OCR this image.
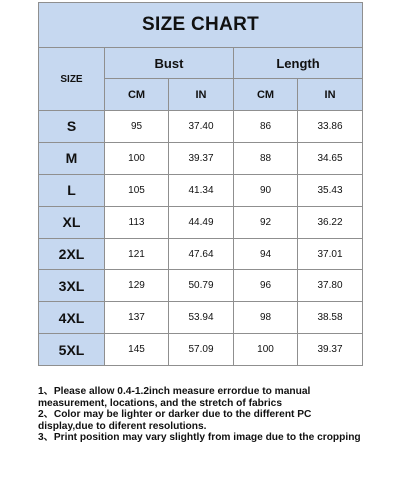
SIZE CHART				
SIZE	Bust		Length	
	CM	IN	CM	IN
S	95	37.40	86	33.86
M	100	39.37	88	34.65
L	105	41.34	90	35.43
XL	113	44.49	92	36.22
2XL	121	47.64	94	37.01
3XL	129	50.79	96	37.80
4XL	137	53.94	98	38.58
5XL	145	57.09	100	39.37

1、Please allow 0.4-1.2inch measure errordue to manual measurement, locations, and the stretch of fabrics

2、Color may be lighter or darker due to the different PC display,due to diferent resolutions.

3、Print position may vary slightly from image due to the cropping
